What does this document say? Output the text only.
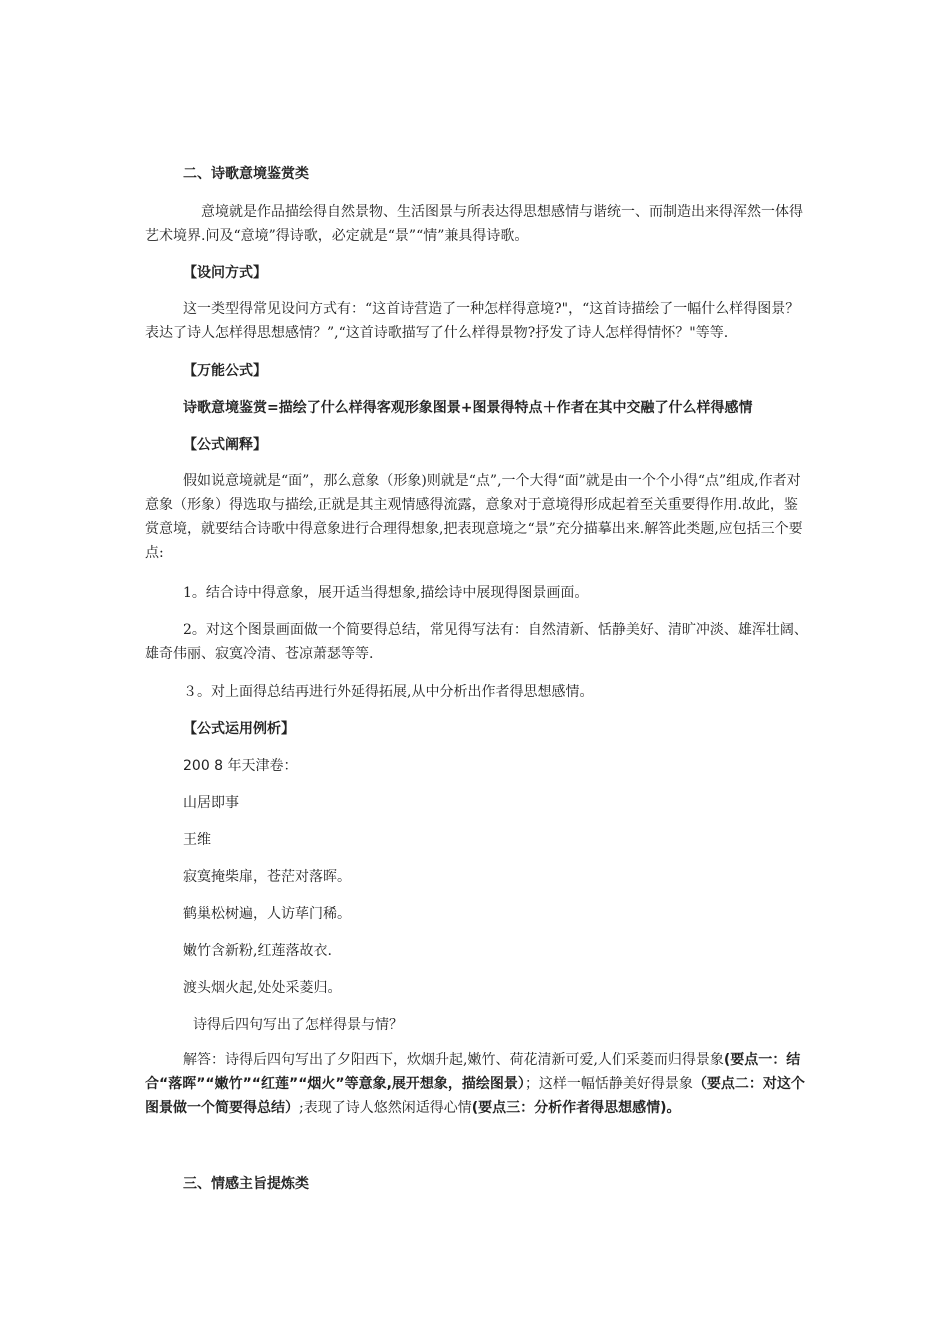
二、诗歌意境鉴赏类

意境就是作品描绘得自然景物、生活图景与所表达得思想感情与谐统一、而制造出来得浑然一体得艺术境界.问及“意境”得诗歌，必定就是“景”“情”兼具得诗歌。

【设问方式】

这一类型得常见设问方式有：“这首诗营造了一种怎样得意境?"，“这首诗描绘了一幅什么样得图景？表达了诗人怎样得思想感情？”,“这首诗歌描写了什么样得景物?抒发了诗人怎样得情怀？"等等.

【万能公式】

诗歌意境鉴赏=描绘了什么样得客观形象图景+图景得特点＋作者在其中交融了什么样得感情

【公式阐释】

假如说意境就是“面”，那么意象（形象)则就是“点”,一个大得“面”就是由一个个小得“点”组成,作者对意象（形象）得选取与描绘,正就是其主观情感得流露，意象对于意境得形成起着至关重要得作用.故此，鉴赏意境，就要结合诗歌中得意象进行合理得想象,把表现意境之“景”充分描摹出来.解答此类题,应包括三个要点:

1。结合诗中得意象，展开适当得想象,描绘诗中展现得图景画面。

2。对这个图景画面做一个简要得总结，常见得写法有：自然清新、恬静美好、清旷冲淡、雄浑壮阔、雄奇伟丽、寂寞冷清、苍凉萧瑟等等.

３。对上面得总结再进行外延得拓展,从中分析出作者得思想感情。

【公式运用例析】

200 8 年天津卷：

山居即事

王维

寂寞掩柴扉，苍茫对落晖。

鹤巢松树遍，人访荜门稀。

嫩竹含新粉,红莲落故衣.

渡头烟火起,处处采菱归。

诗得后四句写出了怎样得景与情？

解答：诗得后四句写出了夕阳西下，炊烟升起,嫩竹、荷花清新可爱,人们采菱而归得景象(要点一：结合“落晖”“嫩竹”“红莲”“烟火”等意象,展开想象，描绘图景）；这样一幅恬静美好得景象（要点二：对这个图景做一个简要得总结）;表现了诗人悠然闲适得心情(要点三：分析作者得思想感情)。

三、情感主旨提炼类
